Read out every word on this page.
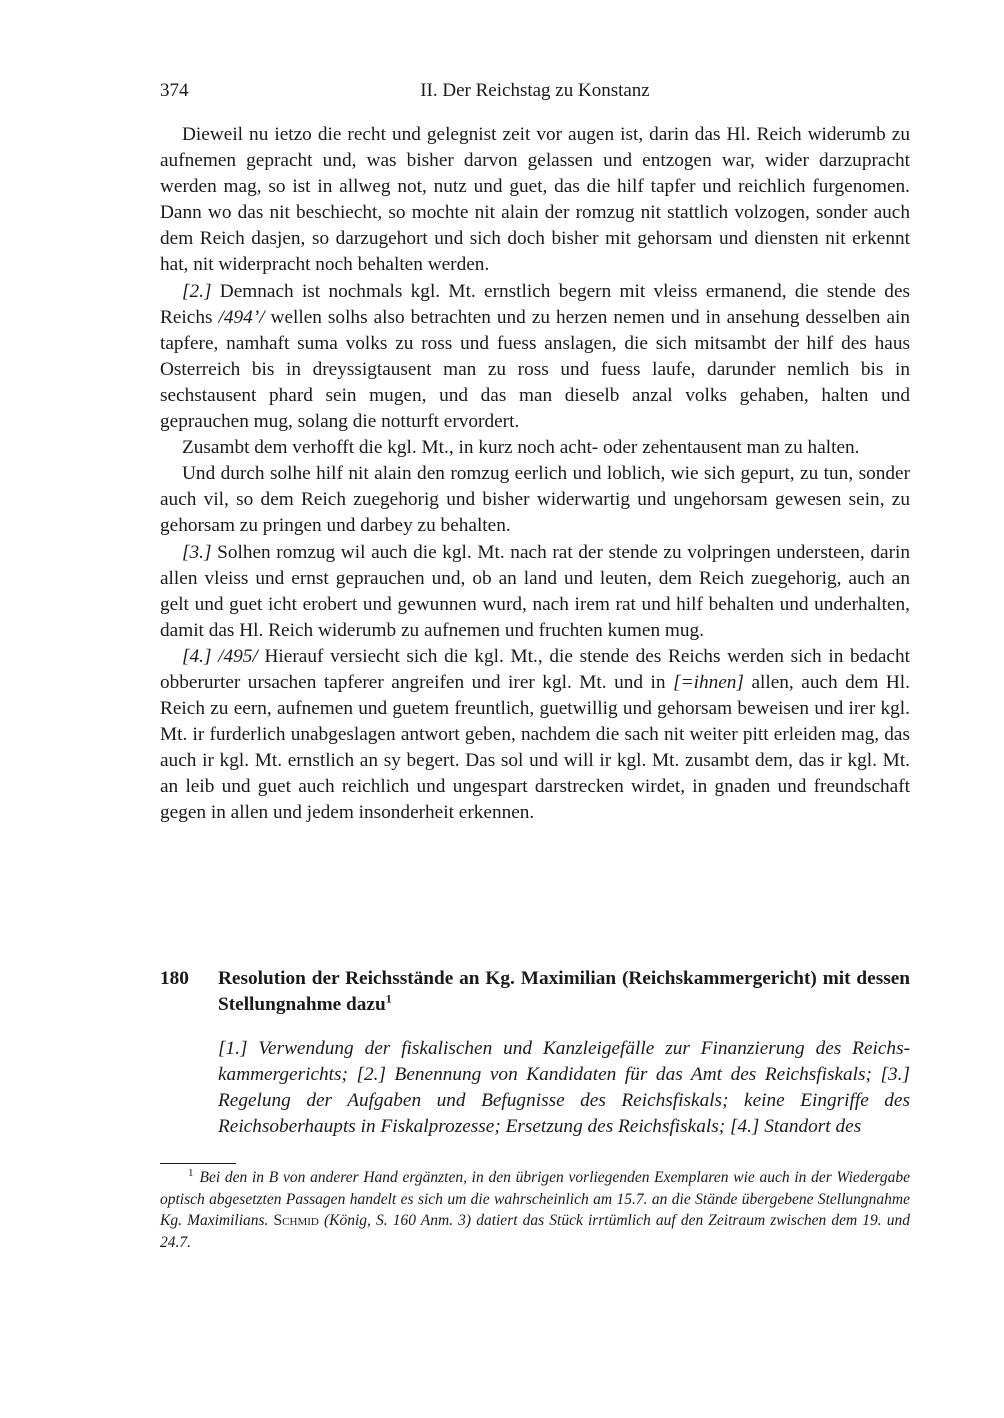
374	II. Der Reichstag zu Konstanz

Dieweil nu ietzo die recht und gelegnist zeit vor augen ist, darin das Hl. Reich widerumb zu aufnemen gepracht und, was bisher darvon gelassen und entzogen war, wider darzupracht werden mag, so ist in allweg not, nutz und guet, das die hilf tapfer und reichlich furgenomen. Dann wo das nit beschiecht, so mochte nit alain der romzug nit stattlich volzogen, sonder auch dem Reich dasjen, so darzugehort und sich doch bisher mit gehorsam und diensten nit erkennt hat, nit widerpracht noch behalten werden.

[2.] Demnach ist nochmals kgl. Mt. ernstlich begern mit vleiss ermanend, die stende des Reichs /494’/ wellen solhs also betrachten und zu herzen nemen und in ansehung desselben ain tapfere, namhaft suma volks zu ross und fuess anslagen, die sich mitsambt der hilf des haus Osterreich bis in dreyssigtausent man zu ross und fuess laufe, darunder nemlich bis in sechstausent phard sein mugen, und das man dieselb anzal volks gehaben, halten und geprauchen mug, solang die notturft ervordert.

Zusambt dem verhofft die kgl. Mt., in kurz noch acht- oder zehentausent man zu halten.

Und durch solhe hilf nit alain den romzug eerlich und loblich, wie sich gepurt, zu tun, sonder auch vil, so dem Reich zuegehorig und bisher widerwartig und ungehorsam gewesen sein, zu gehorsam zu pringen und darbey zu behalten.

[3.] Solhen romzug wil auch die kgl. Mt. nach rat der stende zu volpringen understeen, darin allen vleiss und ernst geprauchen und, ob an land und leuten, dem Reich zuegehorig, auch an gelt und guet icht erobert und gewunnen wurd, nach irem rat und hilf behalten und underhalten, damit das Hl. Reich widerumb zu aufnemen und fruchten kumen mug.

[4.] /495/ Hierauf versiecht sich die kgl. Mt., die stende des Reichs werden sich in bedacht obberurter ursachen tapferer angreifen und irer kgl. Mt. und in [=ihnen] allen, auch dem Hl. Reich zu eern, aufnemen und guetem freuntlich, guetwillig und gehorsam beweisen und irer kgl. Mt. ir furderlich unabgeslagen antwort geben, nachdem die sach nit weiter pitt erleiden mag, das auch ir kgl. Mt. ernstlich an sy begert. Das sol und will ir kgl. Mt. zusambt dem, das ir kgl. Mt. an leib und guet auch reichlich und ungespart darstrecken wirdet, in gnaden und freundschaft gegen in allen und jedem insonderheit erkennen.

180 Resolution der Reichsstände an Kg. Maximilian (Reichskammergericht) mit dessen Stellungnahme dazu$^1$
[1.] Verwendung der fiskalischen und Kanzleigefälle zur Finanzierung des Reichskammergerichts; [2.] Benennung von Kandidaten für das Amt des Reichsfiskals; [3.] Regelung der Aufgaben und Befugnisse des Reichsfiskals; keine Eingriffe des Reichsoberhaupts in Fiskalprozesse; Ersetzung des Reichsfiskals; [4.] Standort des
$^1$ Bei den in B von anderer Hand ergänzten, in den übrigen vorliegenden Exemplaren wie auch in der Wiedergabe optisch abgesetzten Passagen handelt es sich um die wahrscheinlich am 15.7. an die Stände übergebene Stellungnahme Kg. Maximilians. Schmid (König, S. 160 Anm. 3) datiert das Stück irrtümlich auf den Zeitraum zwischen dem 19. und 24.7.
